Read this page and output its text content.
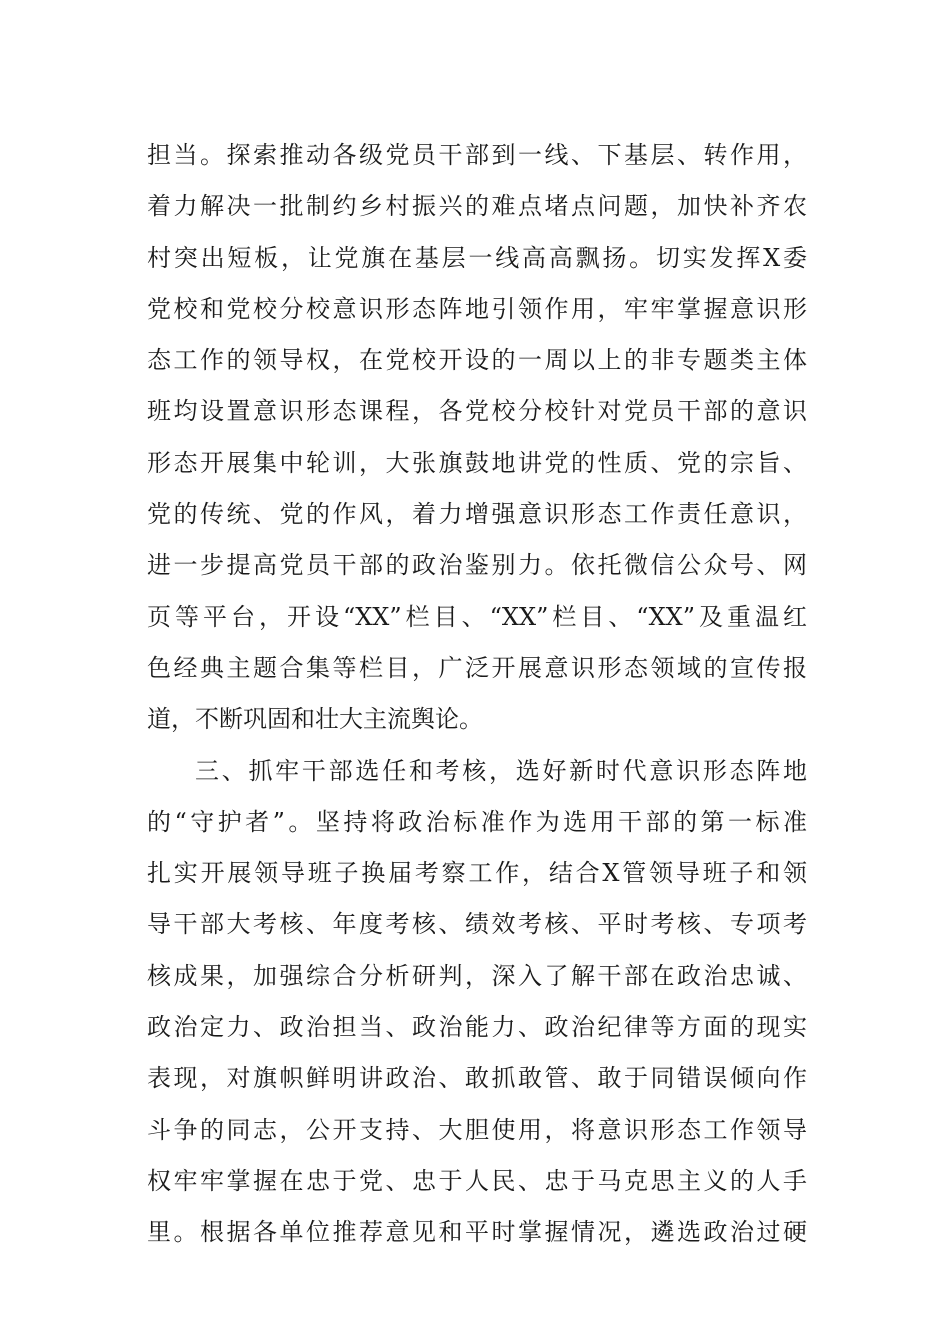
担当。探索推动各级党员干部到一线、下基层、转作用，
着力解决一批制约乡村振兴的难点堵点问题，加快补齐农
村突出短板，让党旗在基层一线高高飘扬。切实发挥X委
党校和党校分校意识形态阵地引领作用，牢牢掌握意识形
态工作的领导权，在党校开设的一周以上的非专题类主体
班均设置意识形态课程，各党校分校针对党员干部的意识
形态开展集中轮训，大张旗鼓地讲党的性质、党的宗旨、
党的传统、党的作风，着力增强意识形态工作责任意识，
进一步提高党员干部的政治鉴别力。依托微信公众号、网
页等平台，开设“XX”栏目、“XX”栏目、“XX”及重温红
色经典主题合集等栏目，广泛开展意识形态领域的宣传报
道，不断巩固和壮大主流舆论。
三、抓牢干部选任和考核，选好新时代意识形态阵地
的“守护者”。坚持将政治标准作为选用干部的第一标准
扎实开展领导班子换届考察工作，结合X管领导班子和领
导干部大考核、年度考核、绩效考核、平时考核、专项考
核成果，加强综合分析研判，深入了解干部在政治忠诚、
政治定力、政治担当、政治能力、政治纪律等方面的现实
表现，对旗帜鲜明讲政治、敢抓敢管、敢于同错误倾向作
斗争的同志，公开支持、大胆使用，将意识形态工作领导
权牢牢掌握在忠于党、忠于人民、忠于马克思主义的人手
里。根据各单位推荐意见和平时掌握情况，遴选政治过硬
